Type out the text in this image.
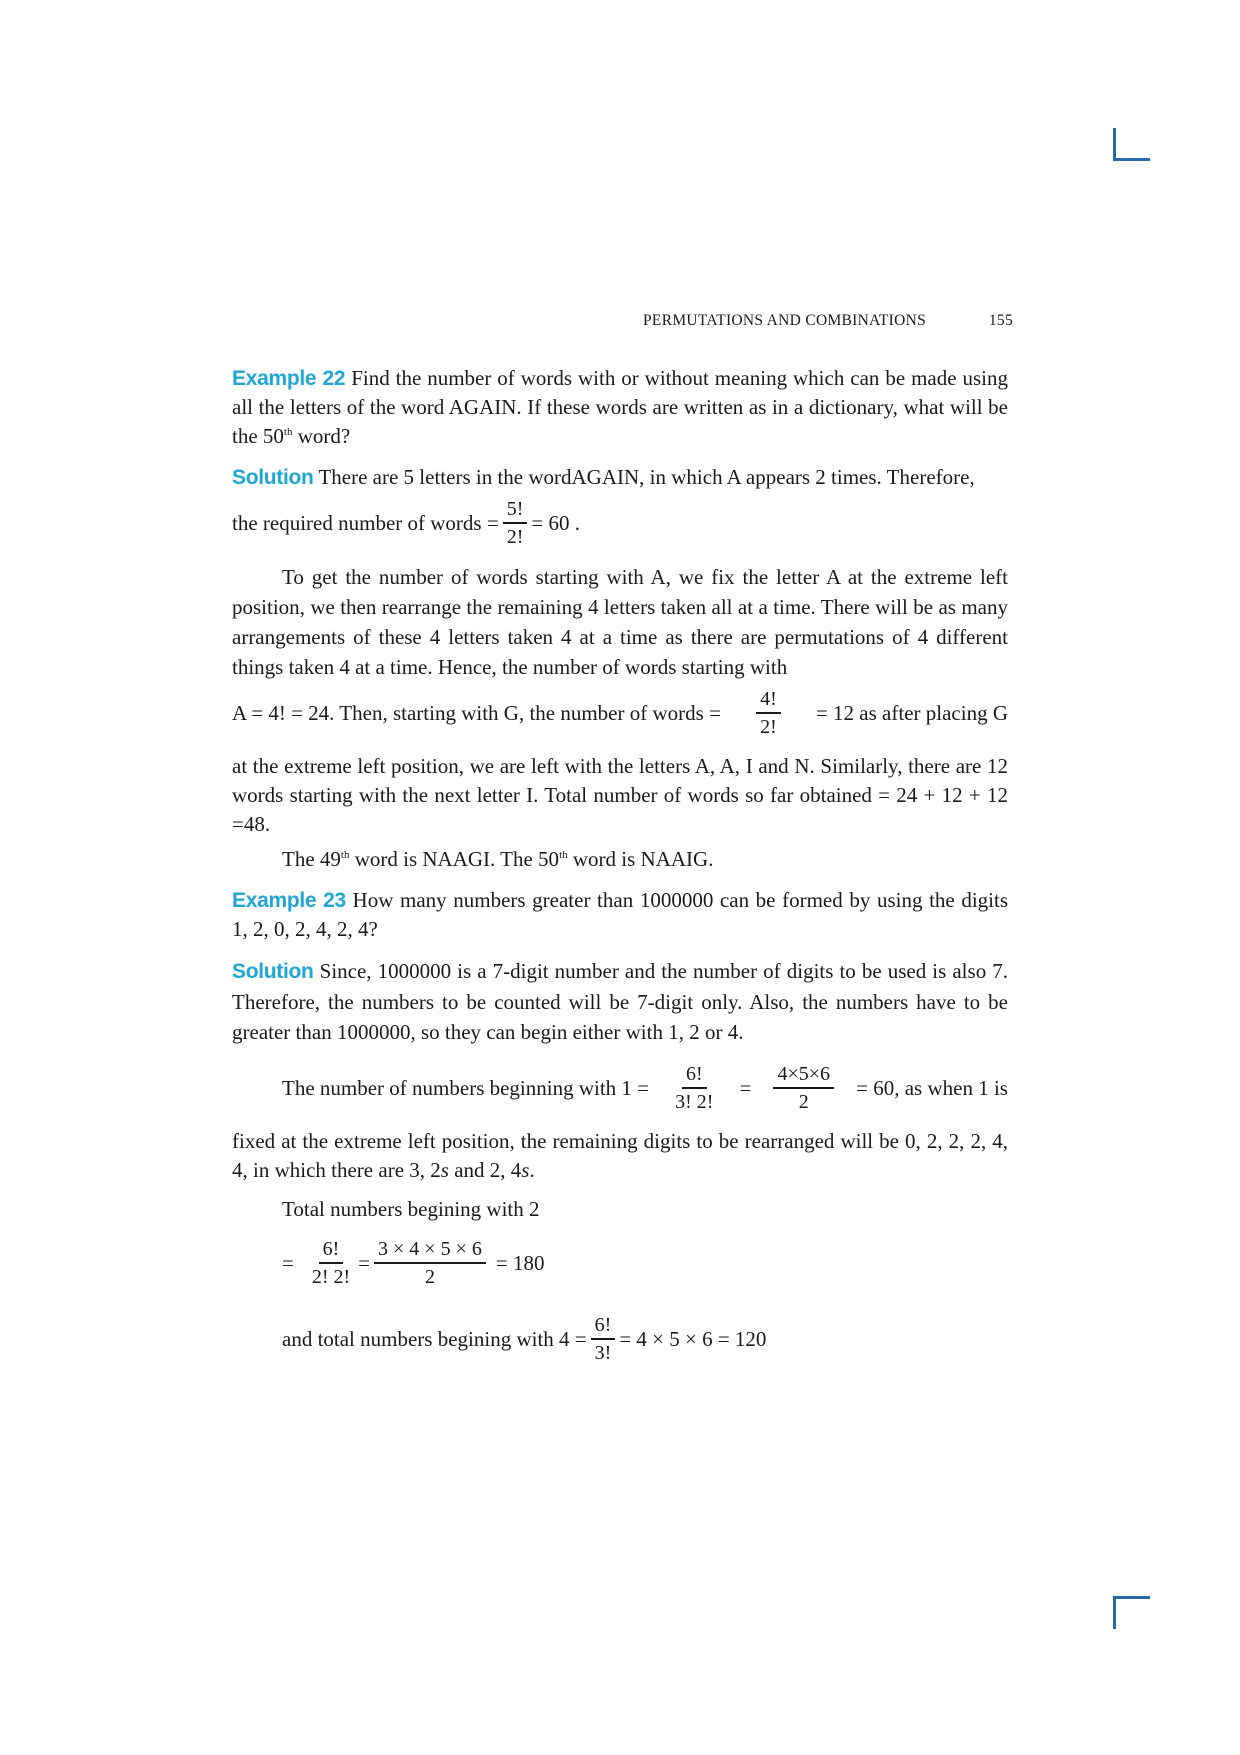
PERMUTATIONS AND COMBINATIONS	155

Example 22 Find the number of words with or without meaning which can be made using all the letters of the word AGAIN. If these words are written as in a dictionary, what will be the 50th word?

Solution There are 5 letters in the wordAGAIN, in which A appears 2 times. Therefore,

the required number of words = $\frac{5!}{2!} = 60$ .

To get the number of words starting with A, we fix the letter A at the extreme left position, we then rearrange the remaining 4 letters taken all at a time. There will be as many arrangements of these 4 letters taken 4 at a time as there are permutations of 4 different things taken 4 at a time. Hence, the number of words starting with

A = 4! = 24. Then, starting with G, the number of words = $\frac{4!}{2!} = 12$ as after placing G

at the extreme left position, we are left with the letters A, A, I and N. Similarly, there are 12 words starting with the next letter I. Total number of words so far obtained = 24 + 12 + 12 =48.

The 49th word is NAAGI. The 50th word is NAAIG.

Example 23 How many numbers greater than 1000000 can be formed by using the digits 1, 2, 0, 2, 4, 2, 4?

Solution Since, 1000000 is a 7-digit number and the number of digits to be used is also 7. Therefore, the numbers to be counted will be 7-digit only. Also, the numbers have to be greater than 1000000, so they can begin either with 1, 2 or 4.

The number of numbers beginning with $1 = \frac{6!}{3! 2!} = \frac{4\times 5\times 6}{2} = 60$, as when 1 is

fixed at the extreme left position, the remaining digits to be rearranged will be 0, 2, 2, 2, 4, 4, in which there are 3, 2s and 2, 4s.

Total numbers begining with 2

= $\frac{6!}{2! 2!} = \frac{3 \times 4 \times 5 \times 6}{2} = 180$
and total numbers begining with $4 = \frac{6!}{3!} = 4 \times 5 \times 6 = 120$
